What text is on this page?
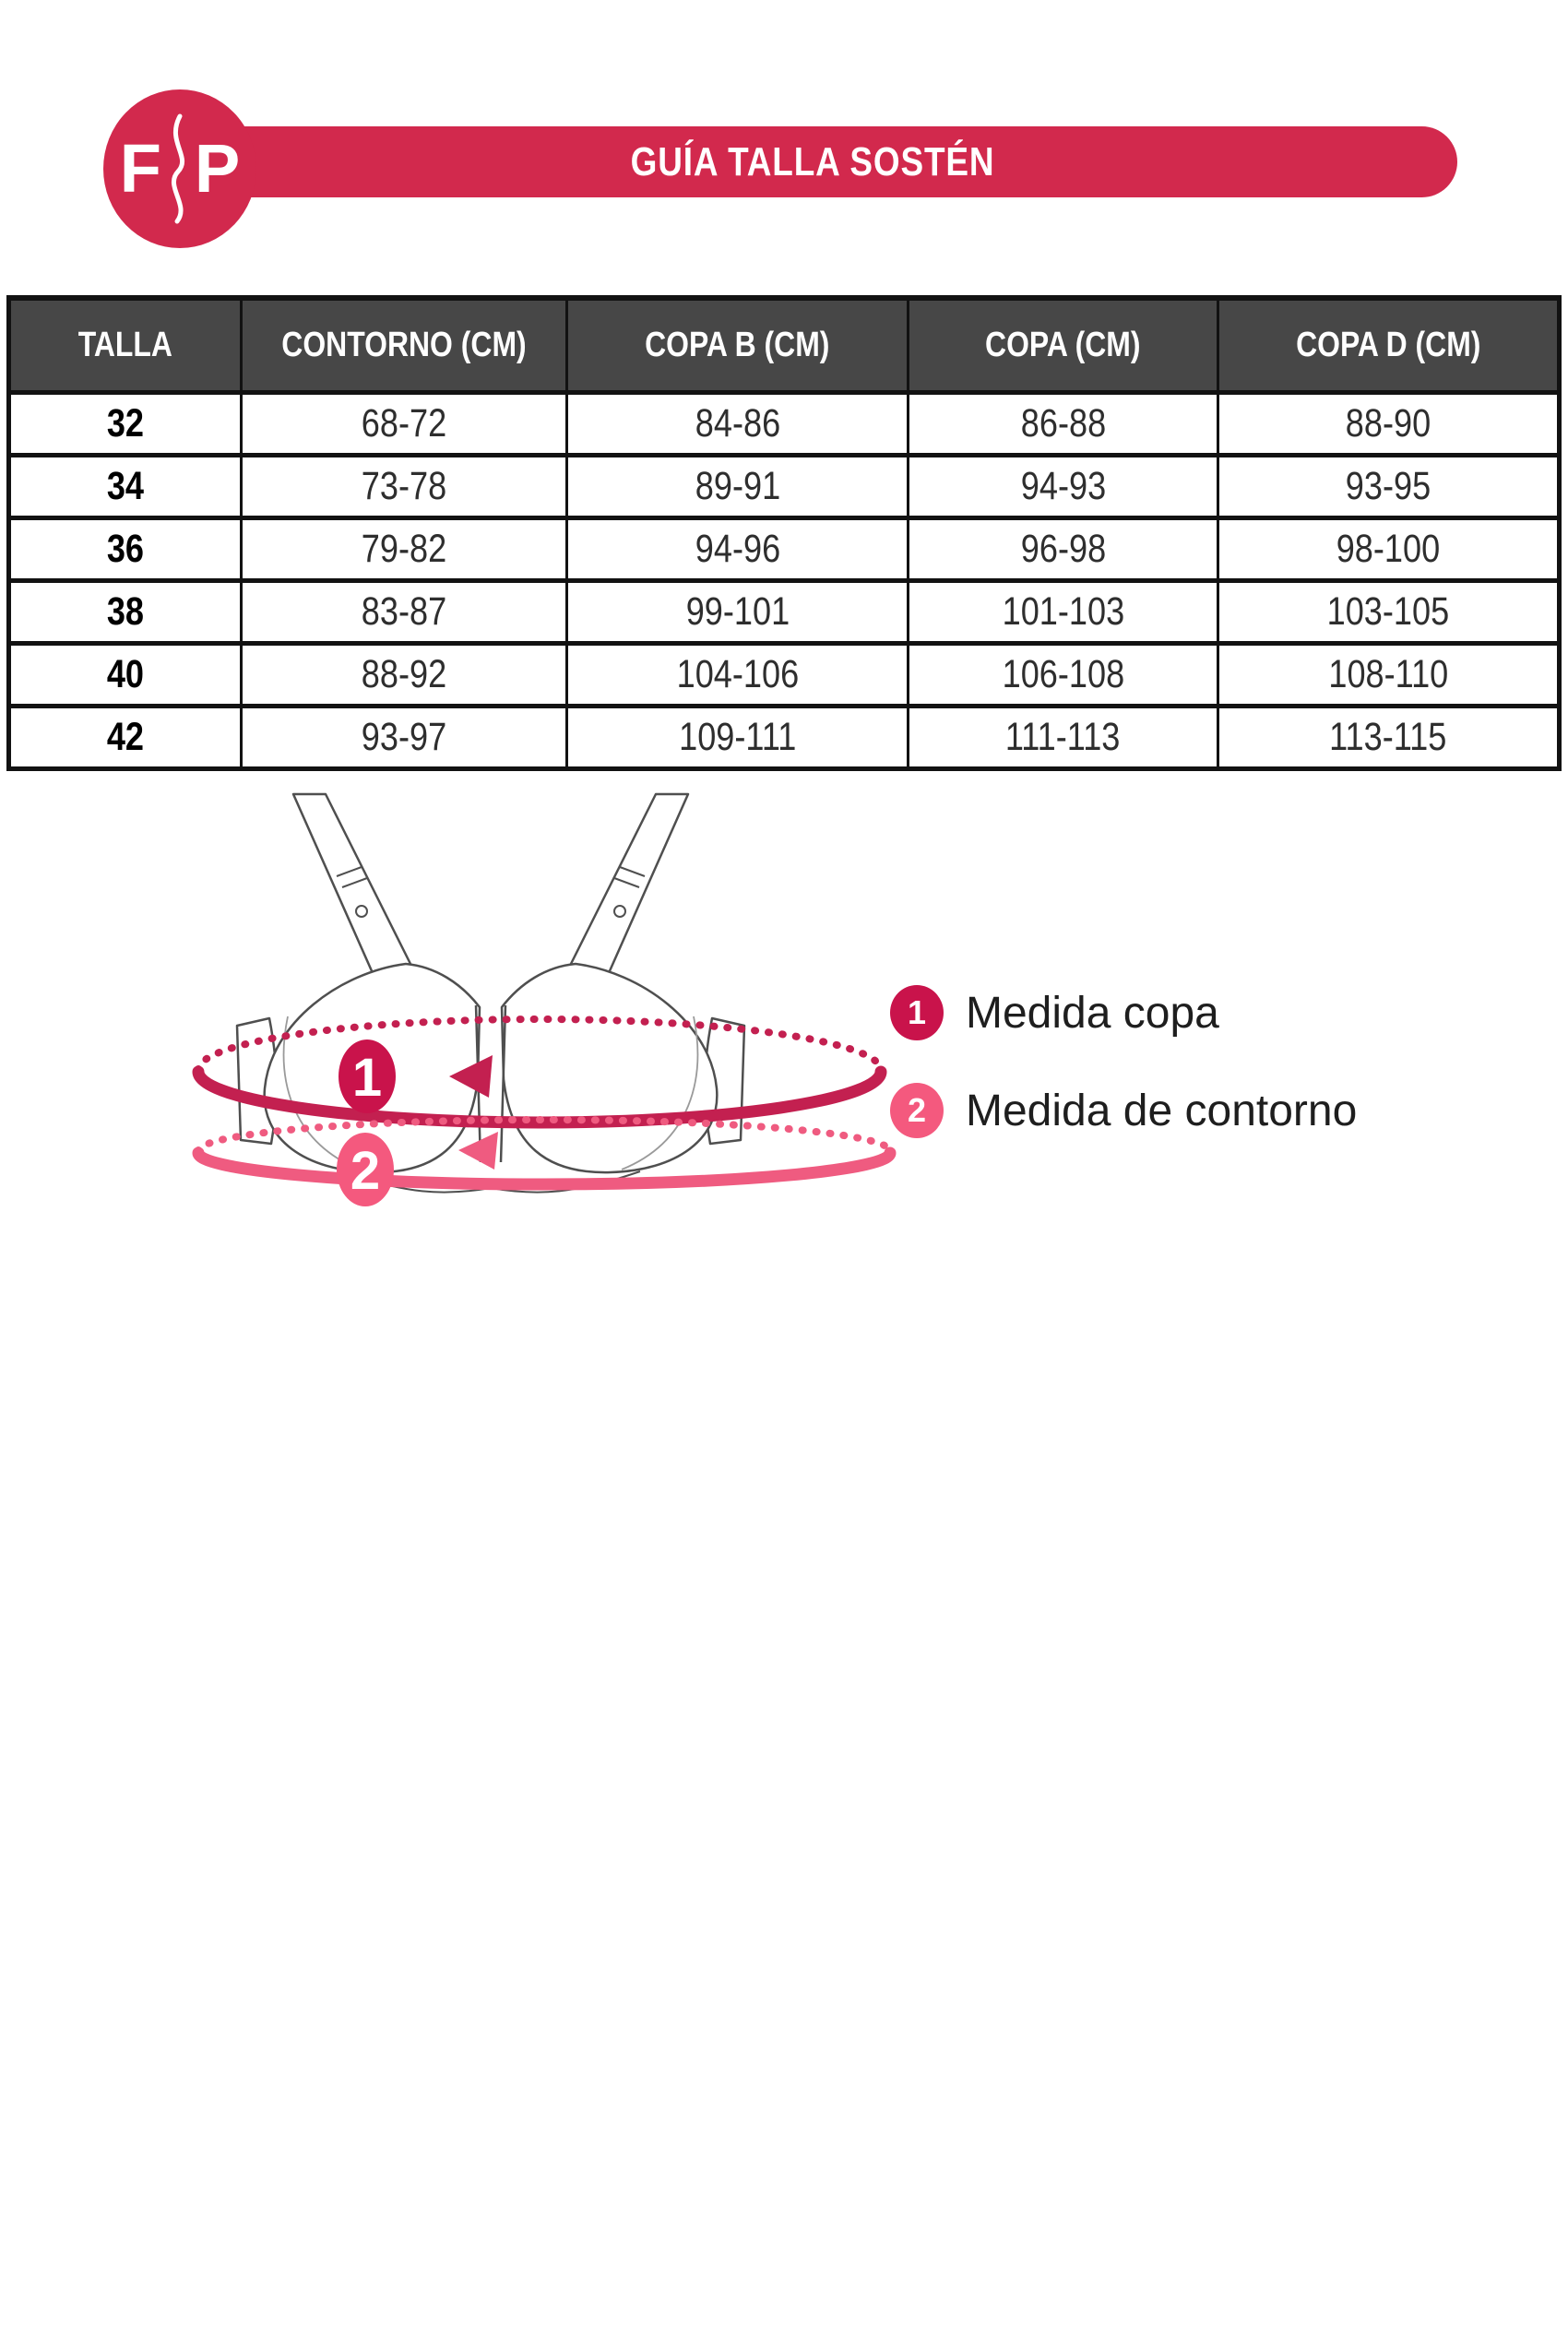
GUÍA TALLA SOSTÉN
F P
TALLA	CONTORNO (CM)	COPA B (CM)	COPA (CM)	COPA D (CM)
32	68-72	84-86	86-88	88-90
34	73-78	89-91	94-93	93-95
36	79-82	94-96	96-98	98-100
38	83-87	99-101	101-103	103-105
40	88-92	104-106	106-108	108-110
42	93-97	109-111	111-113	113-115
1
2
1 Medida copa
2 Medida de contorno
